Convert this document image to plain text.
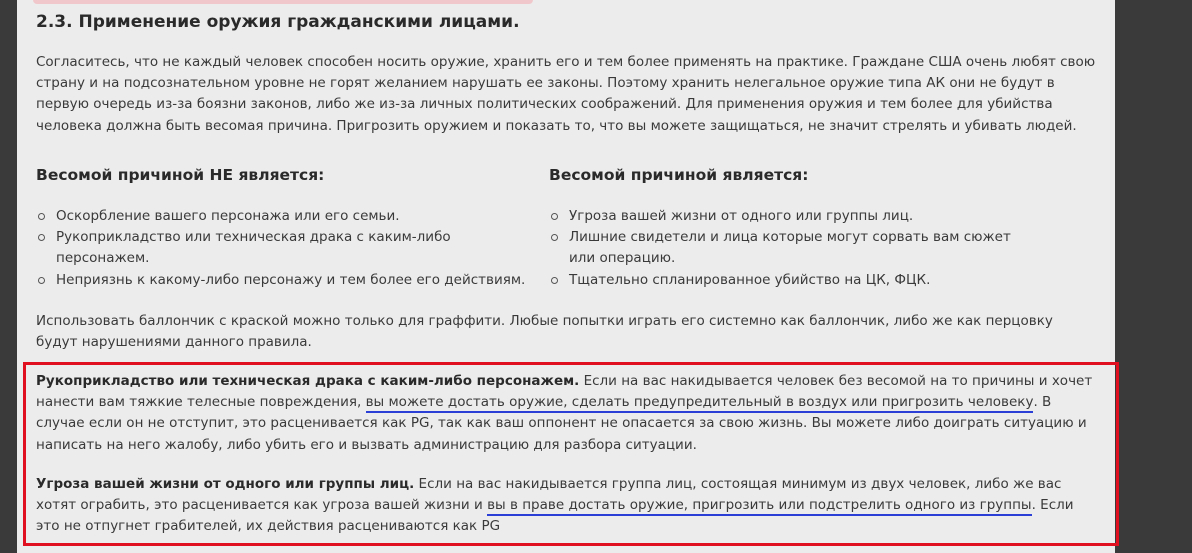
2.3. Применение оружия гражданскими лицами.

Согласитесь, что не каждый человек способен носить оружие, хранить его и тем более применять на практике. Граждане США очень любят свою страну и на подсознательном уровне не горят желанием нарушать ее законы. Поэтому хранить нелегальное оружие типа АК они не будут в первую очередь из-за боязни законов, либо же из-за личных политических соображений. Для применения оружия и тем более для убийства человека должна быть весомая причина. Пригрозить оружием и показать то, что вы можете защищаться, не значит стрелять и убивать людей.

Весомой причиной НЕ является:
Оскорбление вашего персонажа или его семьи.
Рукоприкладство или техническая драка с каким-либо персонажем.
Неприязнь к какому-либо персонажу и тем более его действиям.
Весомой причиной является:
Угроза вашей жизни от одного или группы лиц.
Лишние свидетели и лица которые могут сорвать вам сюжет или операцию.
Тщательно спланированное убийство на ЦК, ФЦК.

Использовать баллончик с краской можно только для граффити. Любые попытки играть его системно как баллончик, либо же как перцовку будут нарушениями данного правила.

Рукоприкладство или техническая драка с каким-либо персонажем. Если на вас накидывается человек без весомой на то причины и хочет нанести вам тяжкие телесные повреждения, вы можете достать оружие, сделать предупредительный в воздух или пригрозить человеку. В случае если он не отступит, это расценивается как PG, так как ваш оппонент не опасается за свою жизнь. Вы можете либо доиграть ситуацию и написать на него жалобу, либо убить его и вызвать администрацию для разбора ситуации.

Угроза вашей жизни от одного или группы лиц. Если на вас накидывается группа лиц, состоящая минимум из двух человек, либо же вас хотят ограбить, это расценивается как угроза вашей жизни и вы в праве достать оружие, пригрозить или подстрелить одного из группы. Если это не отпугнет грабителей, их действия расцениваются как PG
